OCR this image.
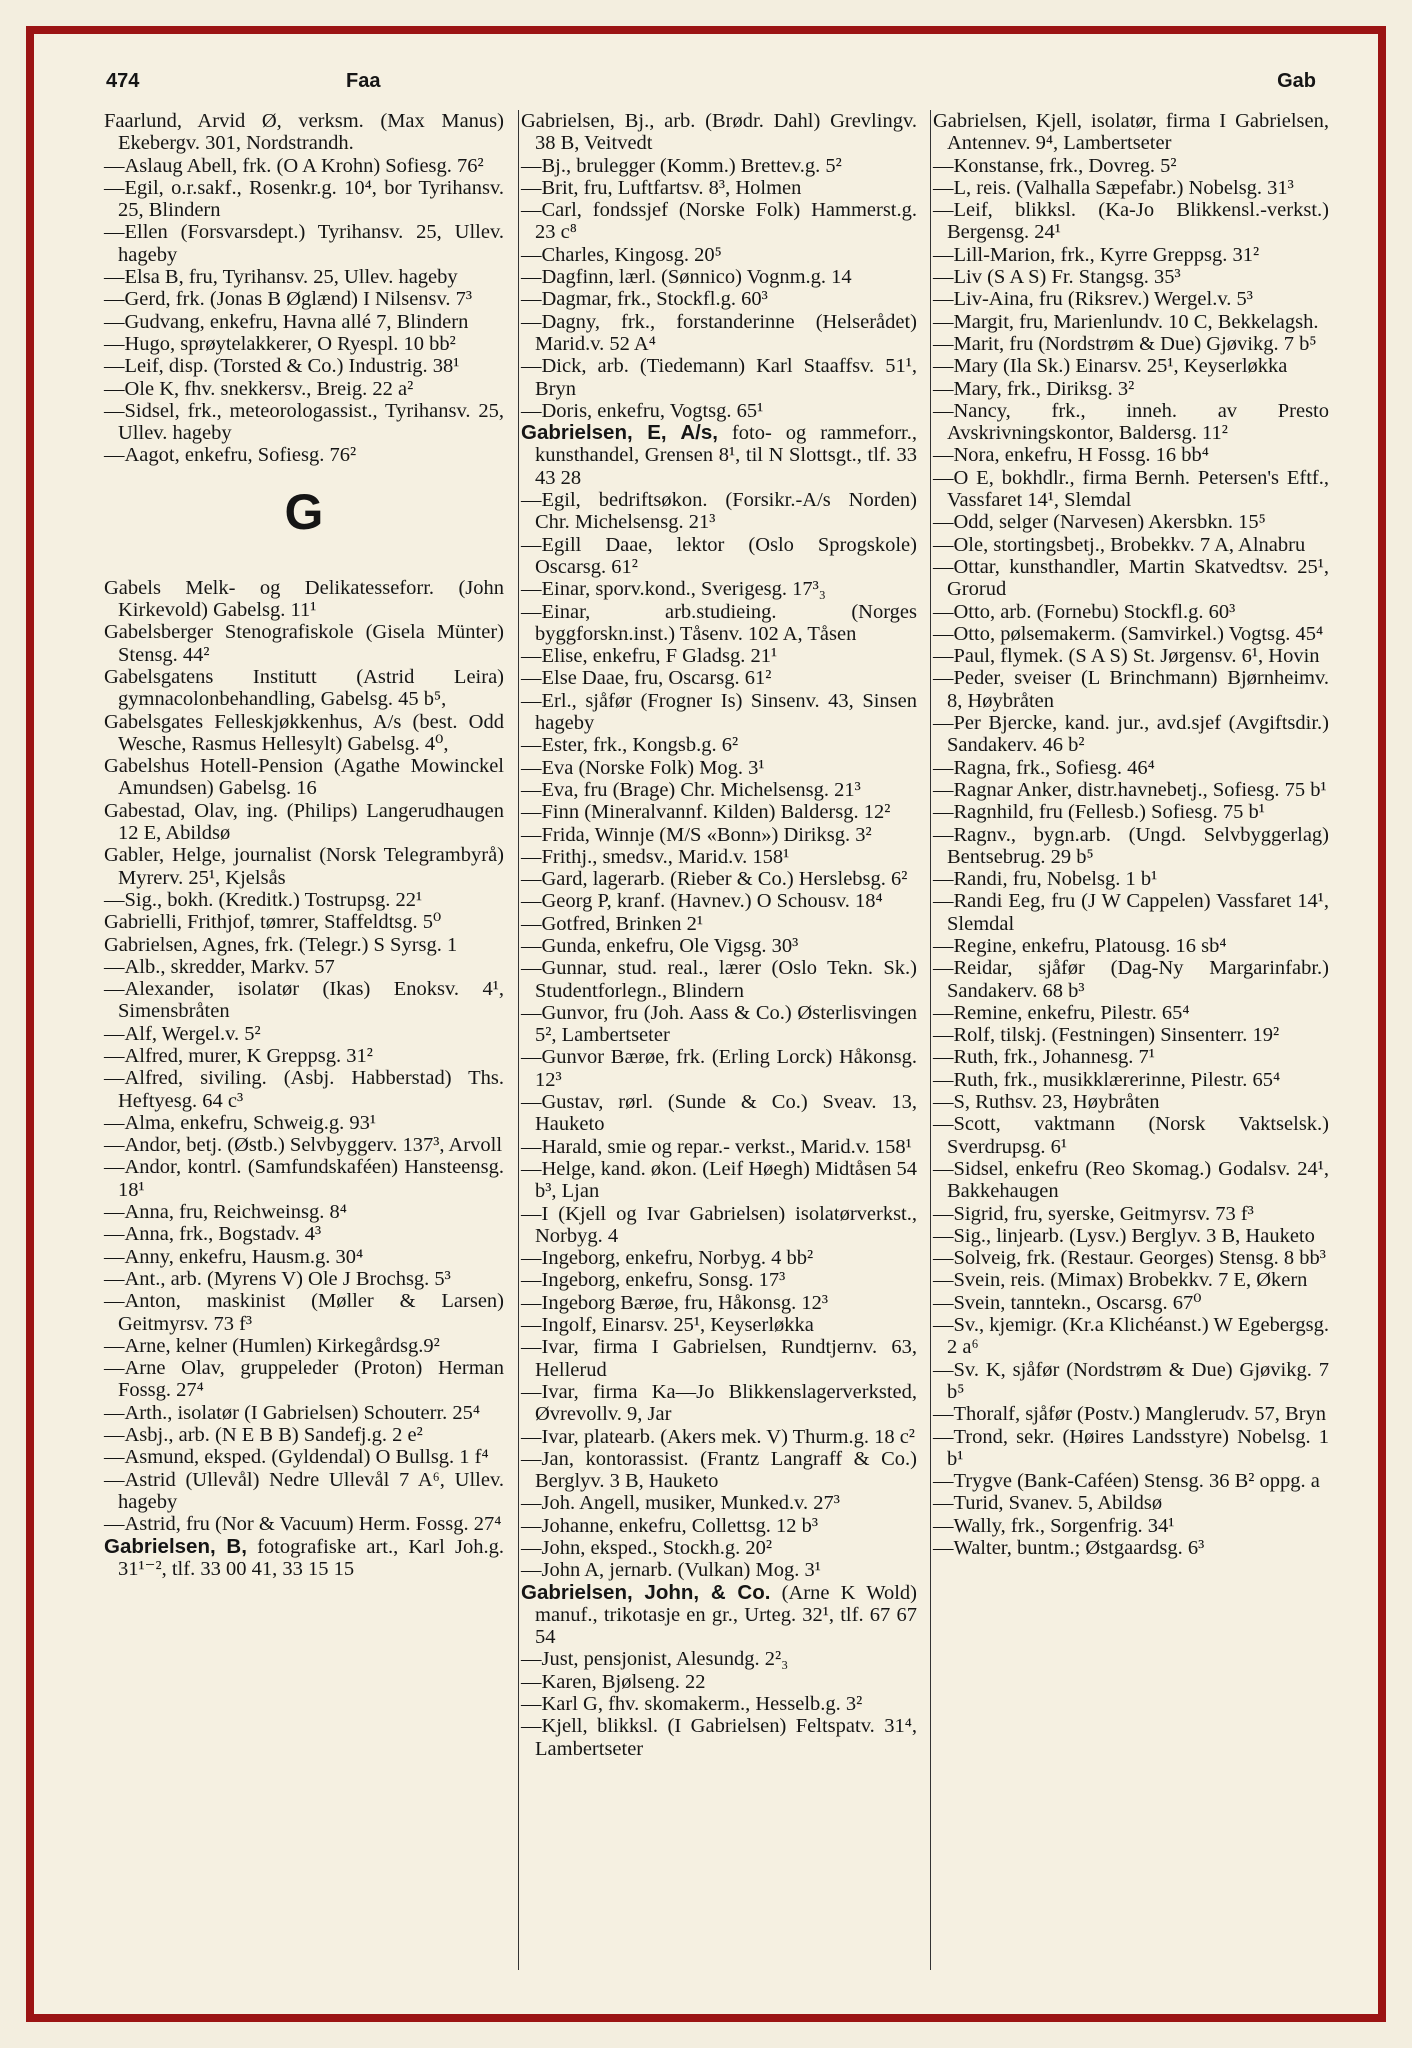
474	Faa	Gab

Faarlund, Arvid Ø, verksm. (Max Manus) Ekebergv. 301, Nordstrandh.

—Aslaug Abell, frk. (O A Krohn) Sofiesg. 76²

—Egil, o.r.sakf., Rosenkr.g. 10⁴, bor Tyrihansv. 25, Blindern

—Ellen (Forsvarsdept.) Tyrihansv. 25, Ullev. hageby

—Elsa B, fru, Tyrihansv. 25, Ullev. hageby

—Gerd, frk. (Jonas B Øglænd) I Nilsensv. 7³

—Gudvang, enkefru, Havna allé 7, Blindern

—Hugo, sprøytelakkerer, O Ryespl. 10 bb²

—Leif, disp. (Torsted & Co.) Industrig. 38¹

—Ole K, fhv. snekkersv., Breig. 22 a²

—Sidsel, frk., meteorologassist., Tyrihansv. 25, Ullev. hageby

—Aagot, enkefru, Sofiesg. 76²

G

Gabels Melk- og Delikatesseforr. (John Kirkevold) Gabelsg. 11¹

Gabelsberger Stenografiskole (Gisela Münter) Stensg. 44²

Gabelsgatens Institutt (Astrid Leira) gymnacolonbehandling, Gabelsg. 45 b⁵,

Gabelsgates Felleskjøkkenhus, A/s (best. Odd Wesche, Rasmus Hellesylt) Gabelsg. 4⁰,

Gabelshus Hotell-Pension (Agathe Mowinckel Amundsen) Gabelsg. 16

Gabestad, Olav, ing. (Philips) Langerudhaugen 12 E, Abildsø

Gabler, Helge, journalist (Norsk Telegrambyrå) Myrerv. 25¹, Kjelsås

—Sig., bokh. (Kreditk.) Tostrupsg. 22¹

Gabrielli, Frithjof, tømrer, Staffeldtsg. 5⁰

Gabrielsen, Agnes, frk. (Telegr.) S Syrsg. 1

—Alb., skredder, Markv. 57

—Alexander, isolatør (Ikas) Enoksv. 4¹, Simensbråten

—Alf, Wergel.v. 5²

—Alfred, murer, K Greppsg. 31²

—Alfred, siviling. (Asbj. Habberstad) Ths. Heftyesg. 64 c³

—Alma, enkefru, Schweig.g. 93¹

—Andor, betj. (Østb.) Selvbyggerv. 137³, Arvoll

—Andor, kontrl. (Samfundskaféen) Hansteensg. 18¹

—Anna, fru, Reichweinsg. 8⁴

—Anna, frk., Bogstadv. 4³

—Anny, enkefru, Hausm.g. 30⁴

—Ant., arb. (Myrens V) Ole J Brochsg. 5³

—Anton, maskinist (Møller & Larsen) Geitmyrsv. 73 f³

—Arne, kelner (Humlen) Kirkegårdsg.9²

—Arne Olav, gruppeleder (Proton) Herman Fossg. 27⁴

—Arth., isolatør (I Gabrielsen) Schouterr. 25⁴

—Asbj., arb. (N E B B) Sandefj.g. 2 e²

—Asmund, eksped. (Gyldendal) O Bullsg. 1 f⁴

—Astrid (Ullevål) Nedre Ullevål 7 A⁶, Ullev. hageby

—Astrid, fru (Nor & Vacuum) Herm. Fossg. 27⁴

Gabrielsen, B, fotografiske art., Karl Joh.g. 31¹⁻², tlf. 33 00 41, 33 15 15

Gabrielsen, Bj., arb. (Brødr. Dahl) Grevlingv. 38 B, Veitvedt

—Bj., brulegger (Komm.) Brettev.g. 5²

—Brit, fru, Luftfartsv. 8³, Holmen

—Carl, fondssjef (Norske Folk) Hammerst.g. 23 c⁸

—Charles, Kingosg. 20⁵

—Dagfinn, lærl. (Sønnico) Vognm.g. 14

—Dagmar, frk., Stockfl.g. 60³

—Dagny, frk., forstanderinne (Helserådet) Marid.v. 52 A⁴

—Dick, arb. (Tiedemann) Karl Staaffsv. 51¹, Bryn

—Doris, enkefru, Vogtsg. 65¹

Gabrielsen, E, A/s, foto- og rammeforr., kunsthandel, Grensen 8¹, til N Slottsgt., tlf. 33 43 28

—Egil, bedriftsøkon. (Forsikr.-A/s Norden) Chr. Michelsensg. 21³

—Egill Daae, lektor (Oslo Sprogskole) Oscarsg. 61²

—Einar, sporv.kond., Sverigesg. 17³₃

—Einar, arb.studieing. (Norges byggforskn.inst.) Tåsenv. 102 A, Tåsen

—Elise, enkefru, F Gladsg. 21¹

—Else Daae, fru, Oscarsg. 61²

—Erl., sjåfør (Frogner Is) Sinsenv. 43, Sinsen hageby

—Ester, frk., Kongsb.g. 6²

—Eva (Norske Folk) Mog. 3¹

—Eva, fru (Brage) Chr. Michelsensg. 21³

—Finn (Mineralvannf. Kilden) Baldersg. 12²

—Frida, Winnje (M/S «Bonn») Diriksg. 3²

—Frithj., smedsv., Marid.v. 158¹

—Gard, lagerarb. (Rieber & Co.) Herslebsg. 6²

—Georg P, kranf. (Havnev.) O Schousv. 18⁴

—Gotfred, Brinken 2¹

—Gunda, enkefru, Ole Vigsg. 30³

—Gunnar, stud. real., lærer (Oslo Tekn. Sk.) Studentforlegn., Blindern

—Gunvor, fru (Joh. Aass & Co.) Østerlisvingen 5², Lambertseter

—Gunvor Bærøe, frk. (Erling Lorck) Håkonsg. 12³

—Gustav, rørl. (Sunde & Co.) Sveav. 13, Hauketo

—Harald, smie og repar.- verkst., Marid.v. 158¹

—Helge, kand. økon. (Leif Høegh) Midtåsen 54 b³, Ljan

—I (Kjell og Ivar Gabrielsen) isolatørverkst., Norbyg. 4

—Ingeborg, enkefru, Norbyg. 4 bb²

—Ingeborg, enkefru, Sonsg. 17³

—Ingeborg Bærøe, fru, Håkonsg. 12³

—Ingolf, Einarsv. 25¹, Keyserløkka

—Ivar, firma I Gabrielsen, Rundtjernv. 63, Hellerud

—Ivar, firma Ka—Jo Blikkenslagerverksted, Øvrevollv. 9, Jar

—Ivar, platearb. (Akers mek. V) Thurm.g. 18 c²

—Jan, kontorassist. (Frantz Langraff & Co.) Berglyv. 3 B, Hauketo

—Joh. Angell, musiker, Munked.v. 27³

—Johanne, enkefru, Collettsg. 12 b³

—John, eksped., Stockh.g. 20²

—John A, jernarb. (Vulkan) Mog. 3¹

Gabrielsen, John, & Co. (Arne K Wold) manuf., trikotasje en gr., Urteg. 32¹, tlf. 67 67 54

—Just, pensjonist, Alesundg. 2²₃

—Karen, Bjølseng. 22

—Karl G, fhv. skomakerm., Hesselb.g. 3²

—Kjell, blikksl. (I Gabrielsen) Feltspatv. 31⁴, Lambertseter

Gabrielsen, Kjell, isolatør, firma I Gabrielsen, Antennev. 9⁴, Lambertseter

—Konstanse, frk., Dovreg. 5²

—L, reis. (Valhalla Sæpefabr.) Nobelsg. 31³

—Leif, blikksl. (Ka-Jo Blikkensl.-verkst.) Bergensg. 24¹

—Lill-Marion, frk., Kyrre Greppsg. 31²

—Liv (S A S) Fr. Stangsg. 35³

—Liv-Aina, fru (Riksrev.) Wergel.v. 5³

—Margit, fru, Marienlundv. 10 C, Bekkelagsh.

—Marit, fru (Nordstrøm & Due) Gjøvikg. 7 b⁵

—Mary (Ila Sk.) Einarsv. 25¹, Keyserløkka

—Mary, frk., Diriksg. 3²

—Nancy, frk., inneh. av Presto Avskrivningskontor, Baldersg. 11²

—Nora, enkefru, H Fossg. 16 bb⁴

—O E, bokhdlr., firma Bernh. Petersen's Eftf., Vassfaret 14¹, Slemdal

—Odd, selger (Narvesen) Akersbkn. 15⁵

—Ole, stortingsbetj., Brobekkv. 7 A, Alnabru

—Ottar, kunsthandler, Martin Skatvedtsv. 25¹, Grorud

—Otto, arb. (Fornebu) Stockfl.g. 60³

—Otto, pølsemakerm. (Samvirkel.) Vogtsg. 45⁴

—Paul, flymek. (S A S) St. Jørgensv. 6¹, Hovin

—Peder, sveiser (L Brinchmann) Bjørnheimv. 8, Høybråten

—Per Bjercke, kand. jur., avd.sjef (Avgiftsdir.) Sandakerv. 46 b²

—Ragna, frk., Sofiesg. 46⁴

—Ragnar Anker, distr.havnebetj., Sofiesg. 75 b¹

—Ragnhild, fru (Fellesb.) Sofiesg. 75 b¹

—Ragnv., bygn.arb. (Ungd. Selvbyggerlag) Bentsebrug. 29 b⁵

—Randi, fru, Nobelsg. 1 b¹

—Randi Eeg, fru (J W Cappelen) Vassfaret 14¹, Slemdal

—Regine, enkefru, Platousg. 16 sb⁴

—Reidar, sjåfør (Dag-Ny Margarinfabr.) Sandakerv. 68 b³

—Remine, enkefru, Pilestr. 65⁴

—Rolf, tilskj. (Festningen) Sinsenterr. 19²

—Ruth, frk., Johannesg. 7¹

—Ruth, frk., musikklærerinne, Pilestr. 65⁴

—S, Ruthsv. 23, Høybråten

—Scott, vaktmann (Norsk Vaktselsk.) Sverdrupsg. 6¹

—Sidsel, enkefru (Reo Skomag.) Godalsv. 24¹, Bakkehaugen

—Sigrid, fru, syerske, Geitmyrsv. 73 f³

—Sig., linjearb. (Lysv.) Berglyv. 3 B, Hauketo

—Solveig, frk. (Restaur. Georges) Stensg. 8 bb³

—Svein, reis. (Mimax) Brobekkv. 7 E, Økern

—Svein, tanntekn., Oscarsg. 67⁰

—Sv., kjemigr. (Kr.a Klichéanst.) W Egebergsg. 2 a⁶

—Sv. K, sjåfør (Nordstrøm & Due) Gjøvikg. 7 b⁵

—Thoralf, sjåfør (Postv.) Manglerudv. 57, Bryn

—Trond, sekr. (Høires Landsstyre) Nobelsg. 1 b¹

—Trygve (Bank-Caféen) Stensg. 36 B² oppg. a

—Turid, Svanev. 5, Abildsø

—Wally, frk., Sorgenfrig. 34¹

—Walter, buntm.; Østgaardsg. 6³
